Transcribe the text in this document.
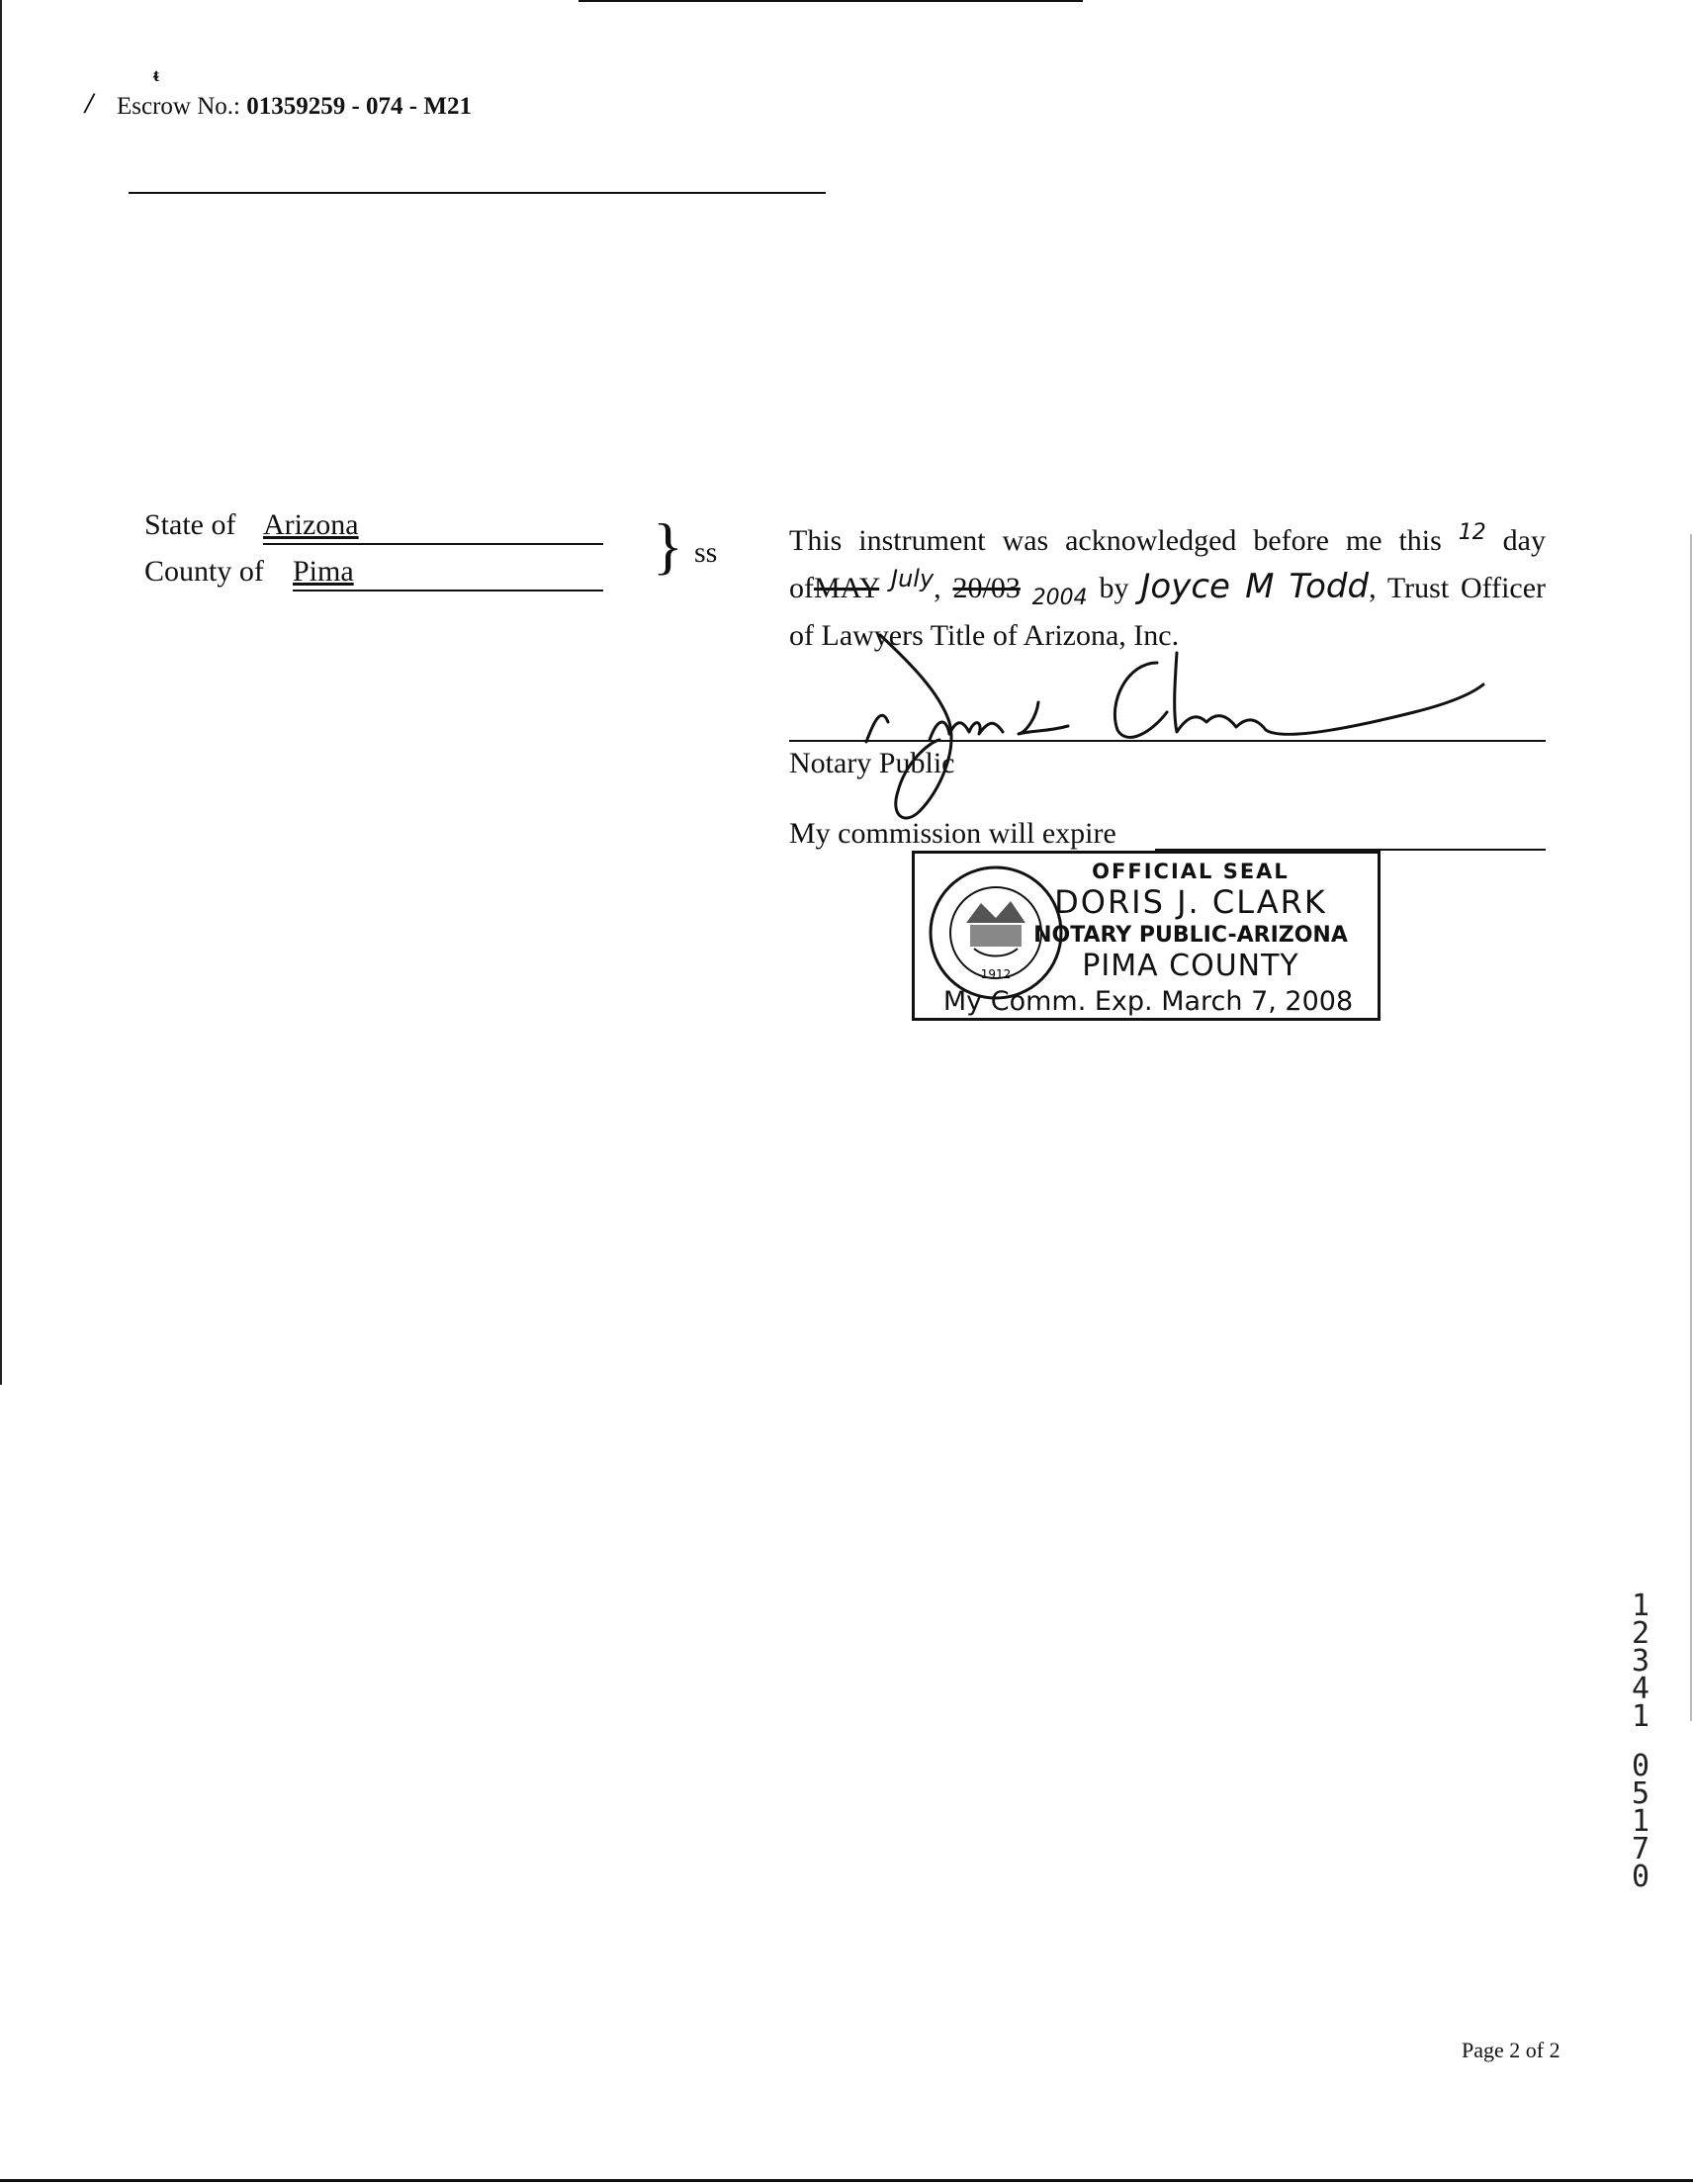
ᵵ
/ Escrow No.: 01359259 - 074 - M21
State of Arizona
County of Pima	} ss This instrument was acknowledged before me this $^{12}$ day

ofMAY $^{July}$, 20/03 $_{2004}$ by Joyce M Todd, Trust Officer

of Lawyers Title of Arizona, Inc.

Notary Public
My commission will expire
1912
OFFICIAL SEAL
DORIS J. CLARK
NOTARY PUBLIC-ARIZONA
PIMA COUNTY
My Comm. Exp. March 7, 2008
1
2
3
4
1
0
5
1
7
0
Page 2 of 2
